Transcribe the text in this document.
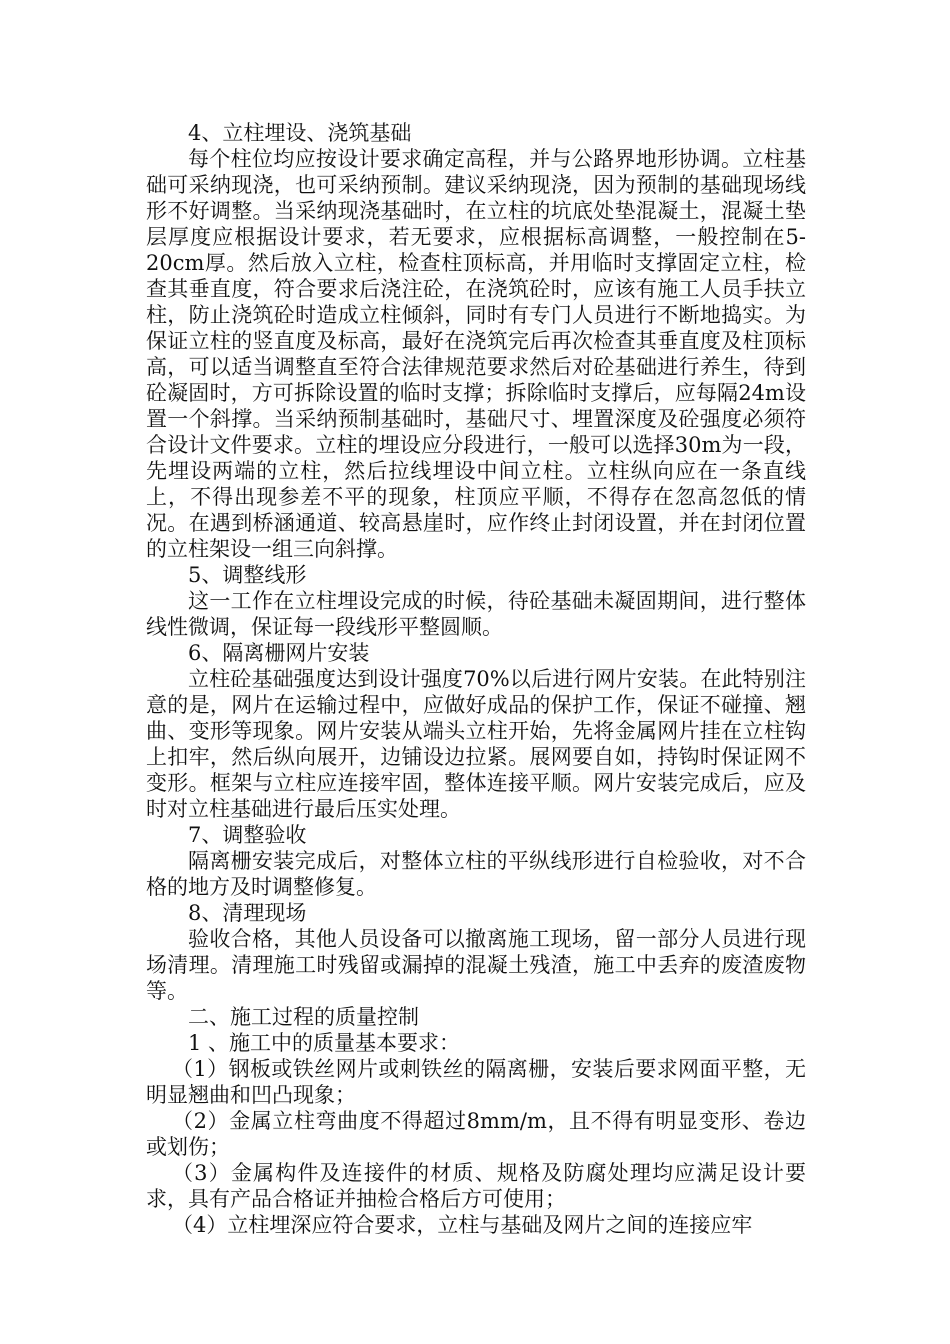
4、立柱埋设、浇筑基础

每个柱位均应按设计要求确定高程，并与公路界地形协调。立柱基础可采纳现浇，也可采纳预制。建议采纳现浇，因为预制的基础现场线形不好调整。当采纳现浇基础时，在立柱的坑底处垫混凝土，混凝土垫层厚度应根据设计要求，若无要求，应根据标高调整，一般控制在5-20cm厚。然后放入立柱，检查柱顶标高，并用临时支撑固定立柱，检查其垂直度，符合要求后浇注砼，在浇筑砼时，应该有施工人员手扶立柱，防止浇筑砼时造成立柱倾斜，同时有专门人员进行不断地捣实。为保证立柱的竖直度及标高，最好在浇筑完后再次检查其垂直度及柱顶标高，可以适当调整直至符合法律规范要求然后对砼基础进行养生，待到砼凝固时，方可拆除设置的临时支撑；拆除临时支撑后，应每隔24m设置一个斜撑。当采纳预制基础时，基础尺寸、埋置深度及砼强度必须符合设计文件要求。立柱的埋设应分段进行，一般可以选择30m为一段，先埋设两端的立柱，然后拉线埋设中间立柱。立柱纵向应在一条直线上，不得出现参差不平的现象，柱顶应平顺，不得存在忽高忽低的情况。在遇到桥涵通道、较高悬崖时，应作终止封闭设置，并在封闭位置的立柱架设一组三向斜撑。

5、调整线形

这一工作在立柱埋设完成的时候，待砼基础未凝固期间，进行整体线性微调，保证每一段线形平整圆顺。

6、隔离栅网片安装

立柱砼基础强度达到设计强度70%以后进行网片安装。在此特别注意的是，网片在运输过程中，应做好成品的保护工作，保证不碰撞、翘曲、变形等现象。网片安装从端头立柱开始，先将金属网片挂在立柱钩上扣牢，然后纵向展开，边铺设边拉紧。展网要自如，持钩时保证网不变形。框架与立柱应连接牢固，整体连接平顺。网片安装完成后，应及时对立柱基础进行最后压实处理。

7、调整验收

隔离栅安装完成后，对整体立柱的平纵线形进行自检验收，对不合格的地方及时调整修复。

8、清理现场

验收合格，其他人员设备可以撤离施工现场，留一部分人员进行现场清理。清理施工时残留或漏掉的混凝土残渣，施工中丢弃的废渣废物等。

二、施工过程的质量控制

1 、施工中的质量基本要求：

（1）钢板或铁丝网片或刺铁丝的隔离栅，安装后要求网面平整，无明显翘曲和凹凸现象；

（2）金属立柱弯曲度不得超过8mm/m，且不得有明显变形、卷边或划伤；

（3）金属构件及连接件的材质、规格及防腐处理均应满足设计要求，具有产品合格证并抽检合格后方可使用；

（4）立柱埋深应符合要求，立柱与基础及网片之间的连接应牢
